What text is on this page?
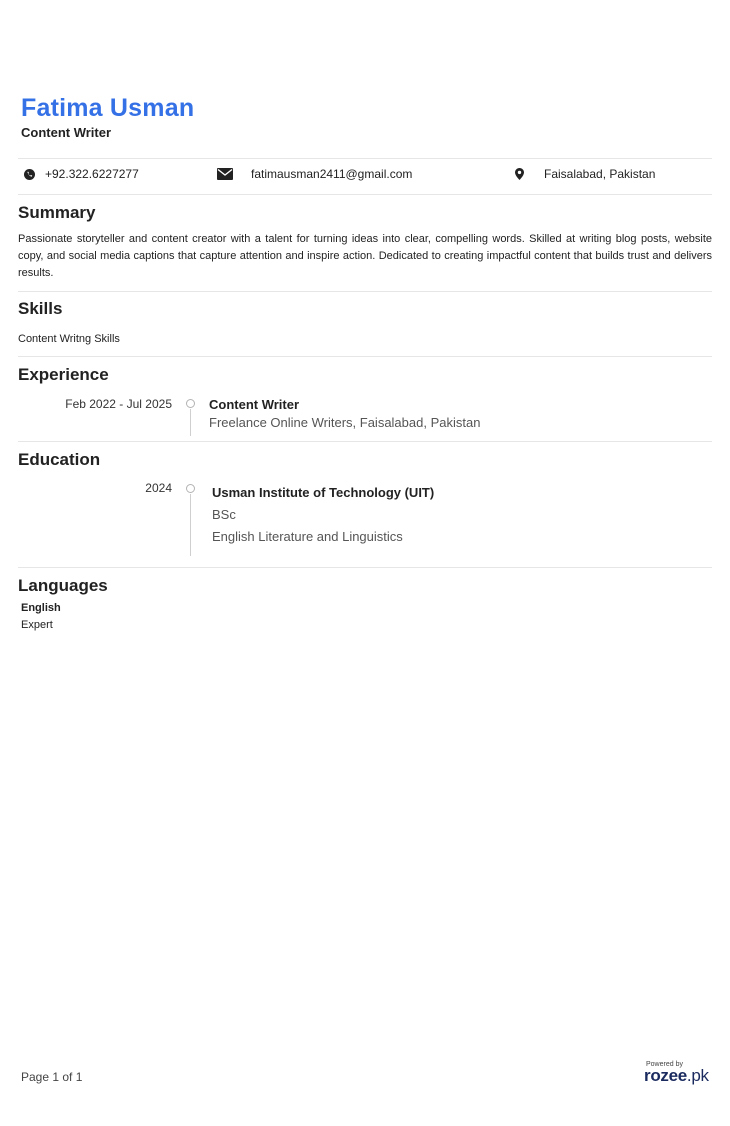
Fatima Usman
Content Writer
+92.322.6227277	fatimausman2411@gmail.com	Faisalabad, Pakistan
Summary
Passionate storyteller and content creator with a talent for turning ideas into clear, compelling words. Skilled at writing blog posts, website copy, and social media captions that capture attention and inspire action. Dedicated to creating impactful content that builds trust and delivers results.
Skills
Content Writng Skills
Experience
Feb 2022 - Jul 2025	Content Writer
Freelance Online Writers, Faisalabad, Pakistan
Education
2024	Usman Institute of Technology (UIT)
BSc
English Literature and Linguistics
Languages
English
Expert
Page 1 of 1
Powered by
rozee.pk
